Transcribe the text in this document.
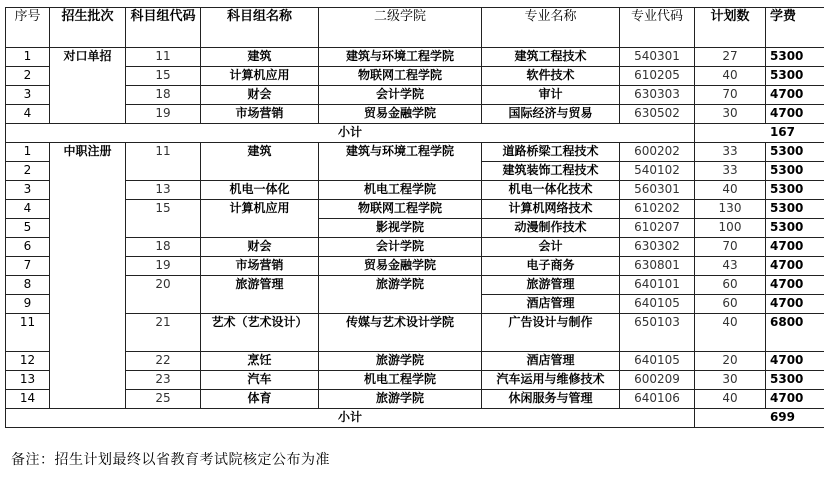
序号	招生批次	科目组代码	科目组名称	二级学院	专业名称	专业代码	计划数	学费
1	对口单招	11	建筑	建筑与环境工程学院	建筑工程技术	540301	27	5300
2		15	计算机应用	物联网工程学院	软件技术	610205	40	5300
3		18	财会	会计学院	审计	630303	70	4700
4		19	市场营销	贸易金融学院	国际经济与贸易	630502	30	4700
小计							167	
1	中职注册	11	建筑	建筑与环境工程学院	道路桥梁工程技术	600202	33	5300
2					建筑装饰工程技术	540102	33	5300
3		13	机电一体化	机电工程学院	机电一体化技术	560301	40	5300
4		15	计算机应用	物联网工程学院	计算机网络技术	610202	130	5300
5				影视学院	动漫制作技术	610207	100	5300
6		18	财会	会计学院	会计	630302	70	4700
7		19	市场营销	贸易金融学院	电子商务	630801	43	4700
8		20	旅游管理	旅游学院	旅游管理	640101	60	4700
9					酒店管理	640105	60	4700
11		21	艺术（艺术设计）	传媒与艺术设计学院	广告设计与制作	650103	40	6800
12		22	烹饪	旅游学院	酒店管理	640105	20	4700
13		23	汽车	机电工程学院	汽车运用与维修技术	600209	30	5300
14		25	体育	旅游学院	休闲服务与管理	640106	40	4700
小计							699	
备注：招生计划最终以省教育考试院核定公布为准
